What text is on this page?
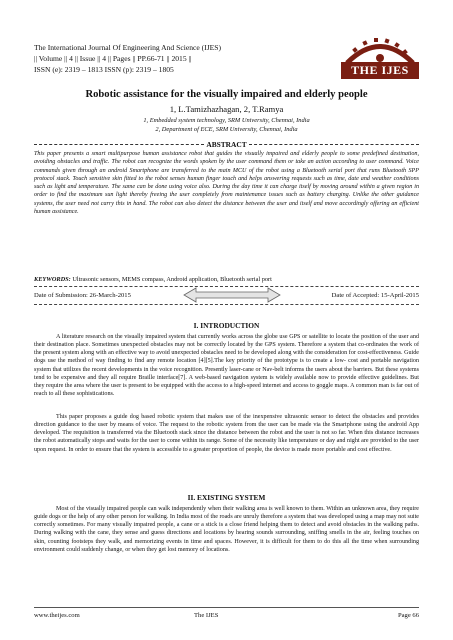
The International Journal Of Engineering And Science (IJES)
|| Volume || 4 || Issue || 4 || Pages || PP.66-71 || 2015 ||
ISSN (e): 2319 – 1813 ISSN (p): 2319 – 1805	THE IJES
Robotic assistance for the visually impaired and elderly people
1, L.Tamizhazhagan, 2, T.Ramya
1, Embedded system technology, SRM University, Chennai, India
2, Department of ECE, SRM University, Chennai, India
ABSTRACT

This paper presents a smart multipurpose human assistance robot that guides the visually impaired and elderly people to some predefined destination, avoiding obstacles and traffic. The robot can recognize the words spoken by the user command them or take an action according to user command. Voice commands given through an android Smartphone are transferred to the main MCU of the robot using a Bluetooth serial port that runs Bluetooth SPP protocol stack. Touch sensitive skin fitted to the robot senses human finger touch and helps answering requests such as time, date and weather conditions such as light and temperature. The same can be done using voice also. During the day time it can charge itself by moving around within a given region in order to find the maximum sun light thereby freeing the user completely from maintenance issues such as battery charging. Unlike the other guidance systems, the user need not carry this in hand. The robot can also detect the distance between the user and itself and move accordingly offering an efficient human assistance.

KEYWORDS: Ultrasonic sensors, MEMS compass, Android application, Bluetooth serial port
Date of Submission: 26-March-2015	Date of Accepted: 15-April-2015
I. INTRODUCTION

A literature research on the visually impaired system that currently works across the globe use GPS or satellite to locate the position of the user and their destination place. Sometimes unexpected obstacles may not be correctly located by the GPS system. Therefore a system that co-ordinates the work of the present system along with an effective way to avoid unexpected obstacles need to be developed along with the consideration for cost-effectiveness. Guide dogs use the method of way finding to find any remote location [4][5].The key priority of the prototype is to create a low- cost and portable navigation system that utilizes the recent developments in the voice recognition. Presently laser-cane or Nav-belt informs the users about the barriers. But these systems tend to be expensive and they all require Braille interface[7]. A web-based navigation system is widely available now to provide effective guidelines. But they require the area where the user is present to be equipped with the access to a high-speed internet and access to goggle maps. A common man is far out of reach to all these sophistications.

This paper proposes a guide dog based robotic system that makes use of the inexpensive ultrasonic sensor to detect the obstacles and provides direction guidance to the user by means of voice. The request to the robotic system from the user can be made via the Smartphone using the android App developed. The requisition is transferred via the Bluetooth stack since the distance between the robot and the user is not so far. When this distance increases the robot automatically stops and waits for the user to come within its range. Some of the necessity like temperature or day and night are provided to the user upon request. In order to ensure that the system is accessible to a greater proportion of people, the device is made more portable and cost effective.

II. EXISTING SYSTEM

Most of the visually impaired people can walk independently when their walking area is well known to them. Within an unknown area, they require guide dogs or the help of any other person for walking. In India most of the roads are unruly therefore a system that was developed using a map may not suite correctly sometimes. For many visually impaired people, a cane or a stick is a close friend helping them to detect and avoid obstacles in the walking paths. During walking with the cane, they sense and guess directions and locations by hearing sounds surrounding, sniffing smells in the air, feeling touches on skin, counting footsteps they walk, and memorizing events in time and spaces. However, it is difficult for them to do this all the time when surrounding environment could suddenly change, or when they get lost memory of locations.

www.theijes.com	The IJES	Page 66
